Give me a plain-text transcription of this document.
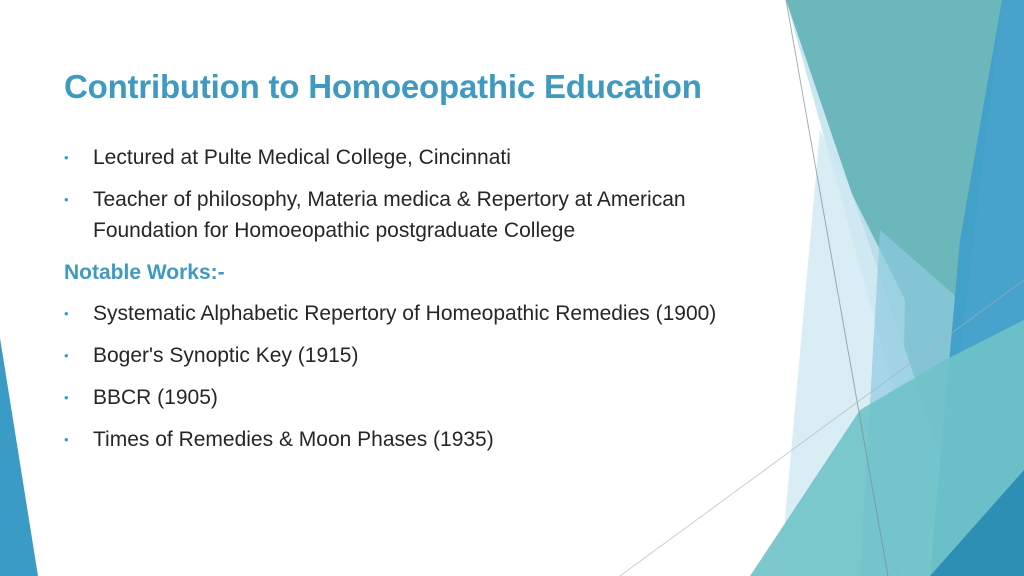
Contribution to Homoeopathic Education
• Lectured at Pulte Medical College, Cincinnati
• Teacher of philosophy, Materia medica & Repertory at American Foundation for Homoeopathic postgraduate College
Notable Works:-
• Systematic Alphabetic Repertory of Homeopathic Remedies (1900)
• Boger's Synoptic Key (1915)
• BBCR (1905)
• Times of Remedies & Moon Phases (1935)
